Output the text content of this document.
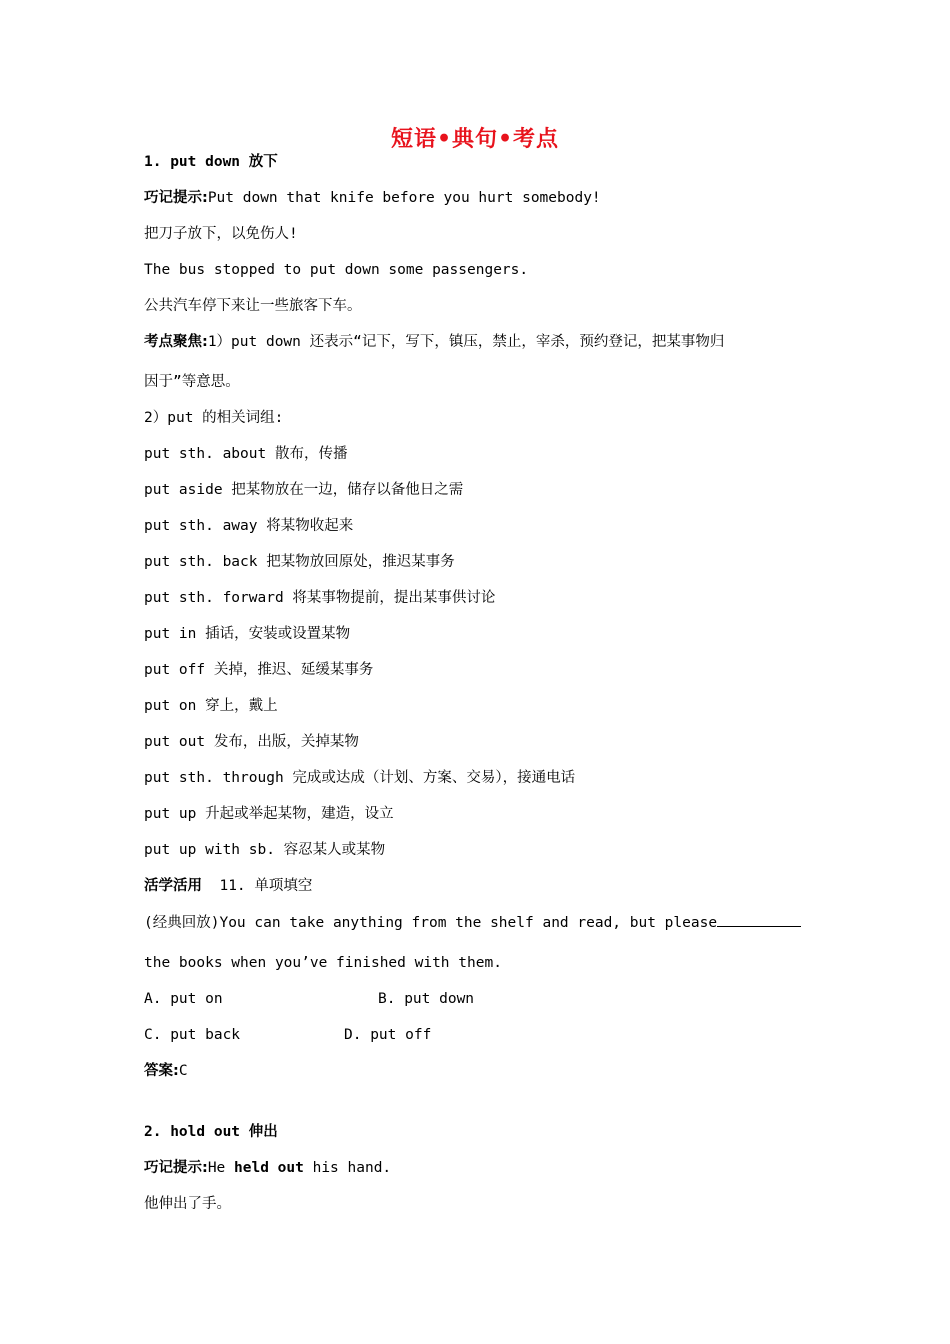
短语•典句•考点
1. put down 放下
巧记提示:Put down that knife before you hurt somebody!
把刀子放下，以免伤人!
The bus stopped to put down some passengers.
公共汽车停下来让一些旅客下车。
考点聚焦:1）put down 还表示“记下，写下，镇压，禁止，宰杀，预约登记，把某事物归
因于”等意思。
2）put 的相关词组:
put sth. about 散布，传播
put aside 把某物放在一边，储存以备他日之需
put sth. away 将某物收起来
put sth. back 把某物放回原处，推迟某事务
put sth. forward 将某事物提前，提出某事供讨论
put in 插话，安装或设置某物
put off 关掉，推迟、延缓某事务
put on 穿上，戴上
put out 发布，出版，关掉某物
put sth. through 完成或达成（计划、方案、交易），接通电话
put up 升起或举起某物，建造，设立
put up with sb. 容忍某人或某物
活学活用  11. 单项填空
(经典回放)You can take anything from the shelf and read, but please
the books when you’ve finished with them.
A. put on	B. put down
C. put back	D. put off
答案:C
2. hold out 伸出
巧记提示:He held out his hand.
他伸出了手。
